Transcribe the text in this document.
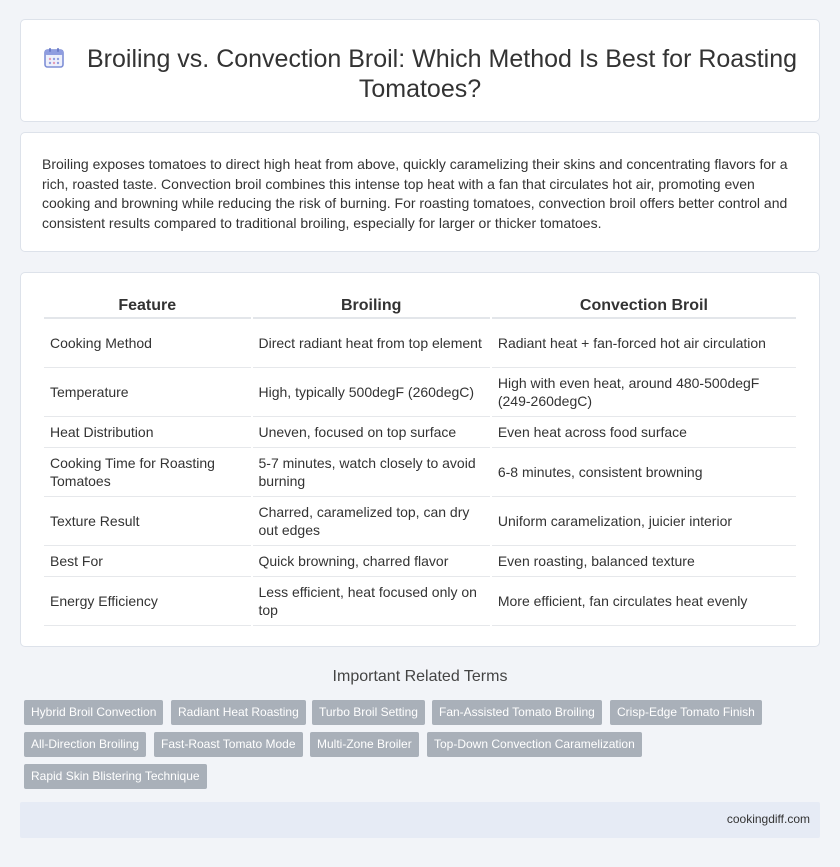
Broiling vs. Convection Broil: Which Method Is Best for Roasting Tomatoes?

Broiling exposes tomatoes to direct high heat from above, quickly caramelizing their skins and concentrating flavors for a rich, roasted taste. Convection broil combines this intense top heat with a fan that circulates hot air, promoting even cooking and browning while reducing the risk of burning. For roasting tomatoes, convection broil offers better control and consistent results compared to traditional broiling, especially for larger or thicker tomatoes.

Feature	Broiling	Convection Broil
Cooking Method	Direct radiant heat from top element	Radiant heat + fan-forced hot air circulation
Temperature	High, typically 500degF (260degC)	High with even heat, around 480-500degF (249-260degC)
Heat Distribution	Uneven, focused on top surface	Even heat across food surface
Cooking Time for Roasting Tomatoes	5-7 minutes, watch closely to avoid burning	6-8 minutes, consistent browning
Texture Result	Charred, caramelized top, can dry out edges	Uniform caramelization, juicier interior
Best For	Quick browning, charred flavor	Even roasting, balanced texture
Energy Efficiency	Less efficient, heat focused only on top	More efficient, fan circulates heat evenly
Important Related Terms
Hybrid Broil Convection	Radiant Heat Roasting	Turbo Broil Setting	Fan-Assisted Tomato Broiling	Crisp-Edge Tomato Finish
All-Direction Broiling	Fast-Roast Tomato Mode	Multi-Zone Broiler	Top-Down Convection Caramelization
Rapid Skin Blistering Technique
cookingdiff.com
